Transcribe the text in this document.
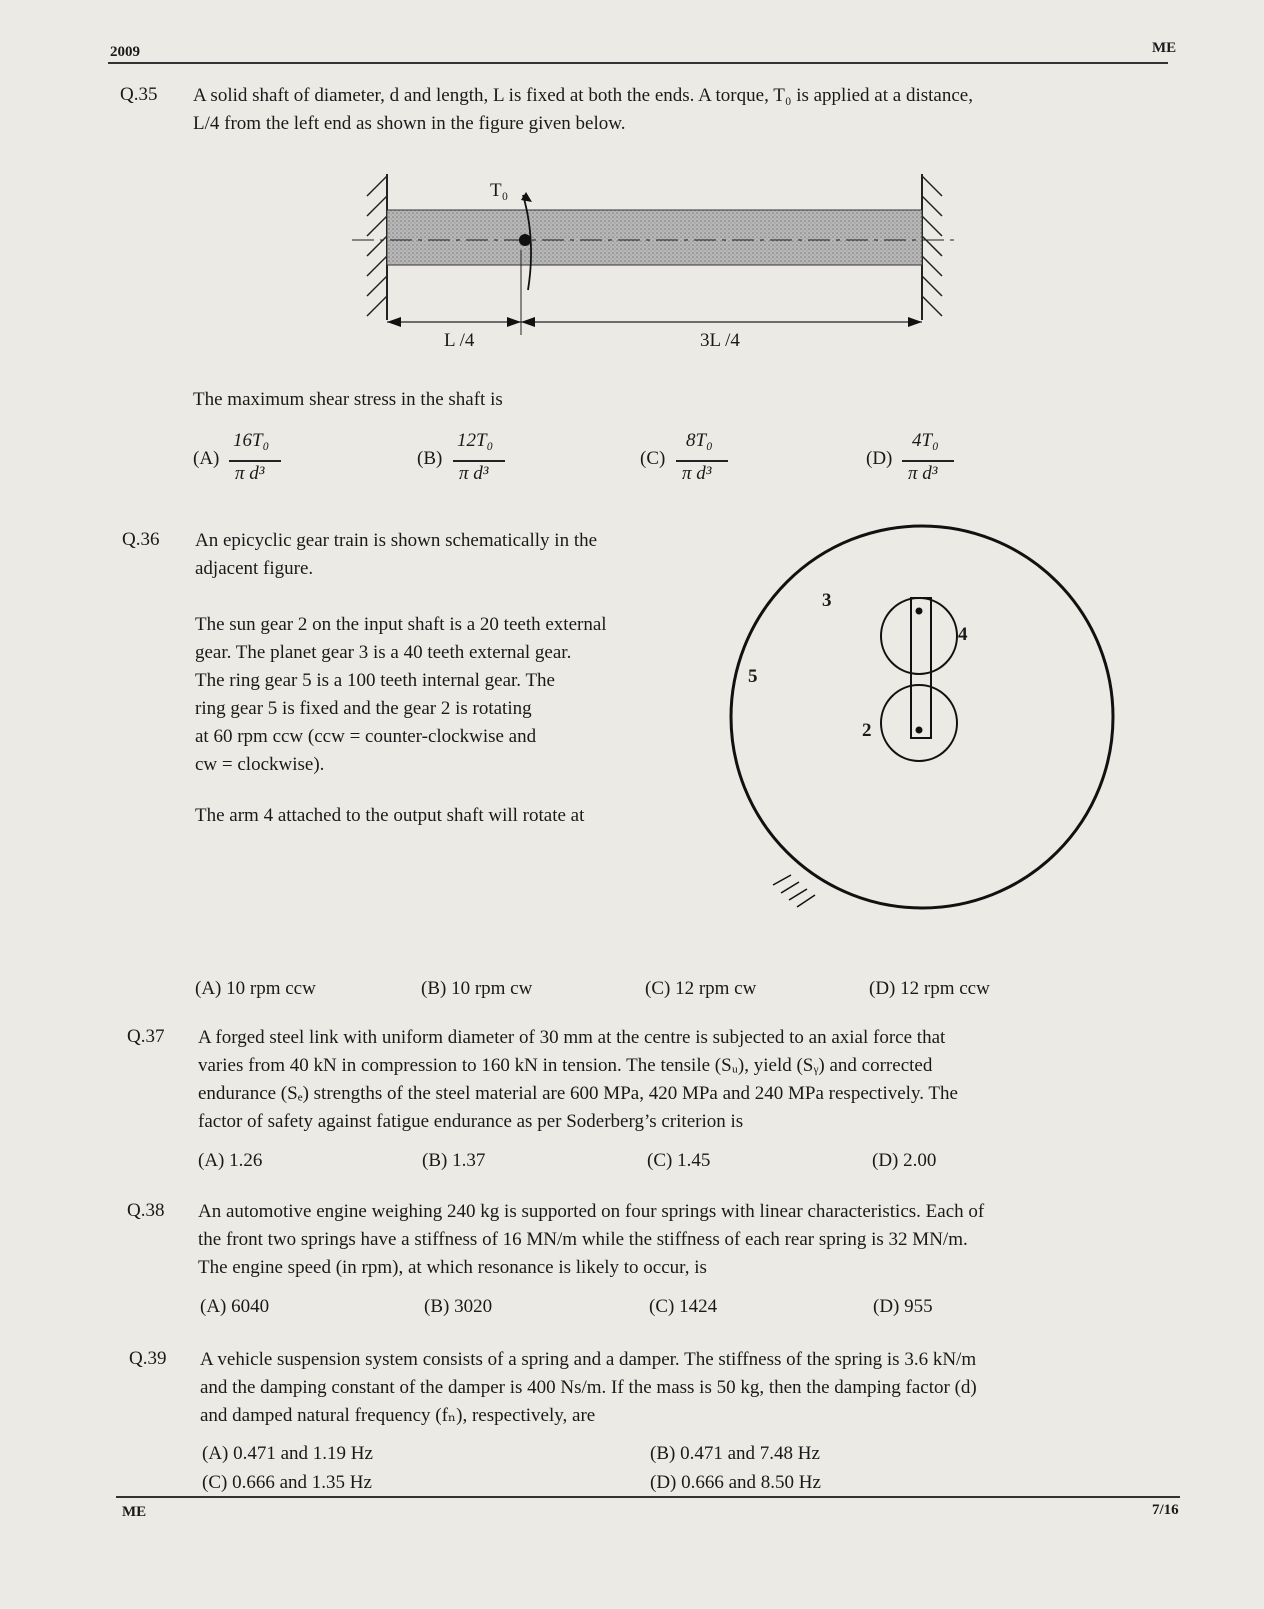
2009	ME
Q.35 A solid shaft of diameter, d and length, L is fixed at both the ends. A torque, T₀ is applied at a distance,
L/4 from the left end as shown in the figure given below.
T₀
L /4	3L /4
The maximum shear stress in the shaft is
(A)
16T₀
π d³
(B)
12T₀
π d³
(C)
8T₀
π d³
(D)
4T₀
π d³
Q.36 An epicyclic gear train is shown schematically in the
adjacent figure.
The sun gear 2 on the input shaft is a 20 teeth external
gear. The planet gear 3 is a 40 teeth external gear.
The ring gear 5 is a 100 teeth internal gear. The
ring gear 5 is fixed and the gear 2 is rotating
at 60 rpm ccw (ccw = counter-clockwise and
cw = clockwise).
The arm 4 attached to the output shaft will rotate at
3
4
5
2
(A) 10 rpm ccw	(B) 10 rpm cw	(C) 12 rpm cw	(D) 12 rpm ccw
Q.37 A forged steel link with uniform diameter of 30 mm at the centre is subjected to an axial force that
varies from 40 kN in compression to 160 kN in tension. The tensile (Sᵤ), yield (Sᵧ) and corrected
endurance (Sₑ) strengths of the steel material are 600 MPa, 420 MPa and 240 MPa respectively. The
factor of safety against fatigue endurance as per Soderberg’s criterion is
(A) 1.26	(B) 1.37	(C) 1.45	(D) 2.00
Q.38 An automotive engine weighing 240 kg is supported on four springs with linear characteristics. Each of
the front two springs have a stiffness of 16 MN/m while the stiffness of each rear spring is 32 MN/m.
The engine speed (in rpm), at which resonance is likely to occur, is
(A) 6040	(B) 3020	(C) 1424	(D) 955
Q.39 A vehicle suspension system consists of a spring and a damper. The stiffness of the spring is 3.6 kN/m
and the damping constant of the damper is 400 Ns/m. If the mass is 50 kg, then the damping factor (d)
and damped natural frequency (fₙ), respectively, are
(A) 0.471 and 1.19 Hz	(B) 0.471 and 7.48 Hz
(C) 0.666 and 1.35 Hz	(D) 0.666 and 8.50 Hz
ME	7/16
